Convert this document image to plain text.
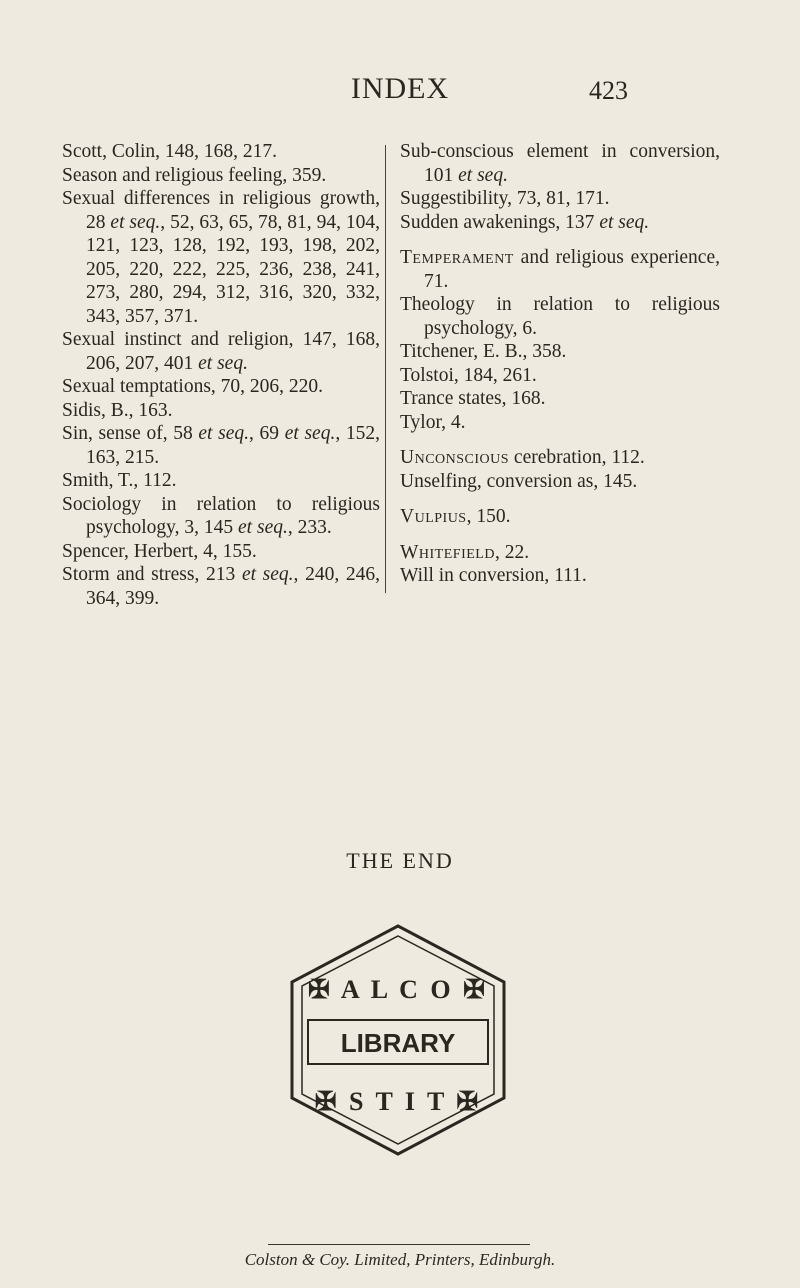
INDEX	423
Scott, Colin, 148, 168, 217.
Season and religious feeling, 359.
Sexual differences in religious growth, 28 et seq., 52, 63, 65, 78, 81, 94, 104, 121, 123, 128, 192, 193, 198, 202, 205, 220, 222, 225, 236, 238, 241, 273, 280, 294, 312, 316, 320, 332, 343, 357, 371.
Sexual instinct and religion, 147, 168, 206, 207, 401 et seq.
Sexual temptations, 70, 206, 220.
Sidis, B., 163.
Sin, sense of, 58 et seq., 69 et seq., 152, 163, 215.
Smith, T., 112.
Sociology in relation to religious psychology, 3, 145 et seq., 233.
Spencer, Herbert, 4, 155.
Storm and stress, 213 et seq., 240, 246, 364, 399.
Sub-conscious element in conversion, 101 et seq.
Suggestibility, 73, 81, 171.
Sudden awakenings, 137 et seq.
Temperament and religious experience, 71.
Theology in relation to religious psychology, 6.
Titchener, E. B., 358.
Tolstoi, 184, 261.
Trance states, 168.
Tylor, 4.
Unconscious cerebration, 112.
Unselfing, conversion as, 145.
Vulpius, 150.
Whitefield, 22.
Will in conversion, 111.
THE END
✠ A L C O ✠
LIBRARY
✠ S T I T ✠
Colston & Coy. Limited, Printers, Edinburgh.
